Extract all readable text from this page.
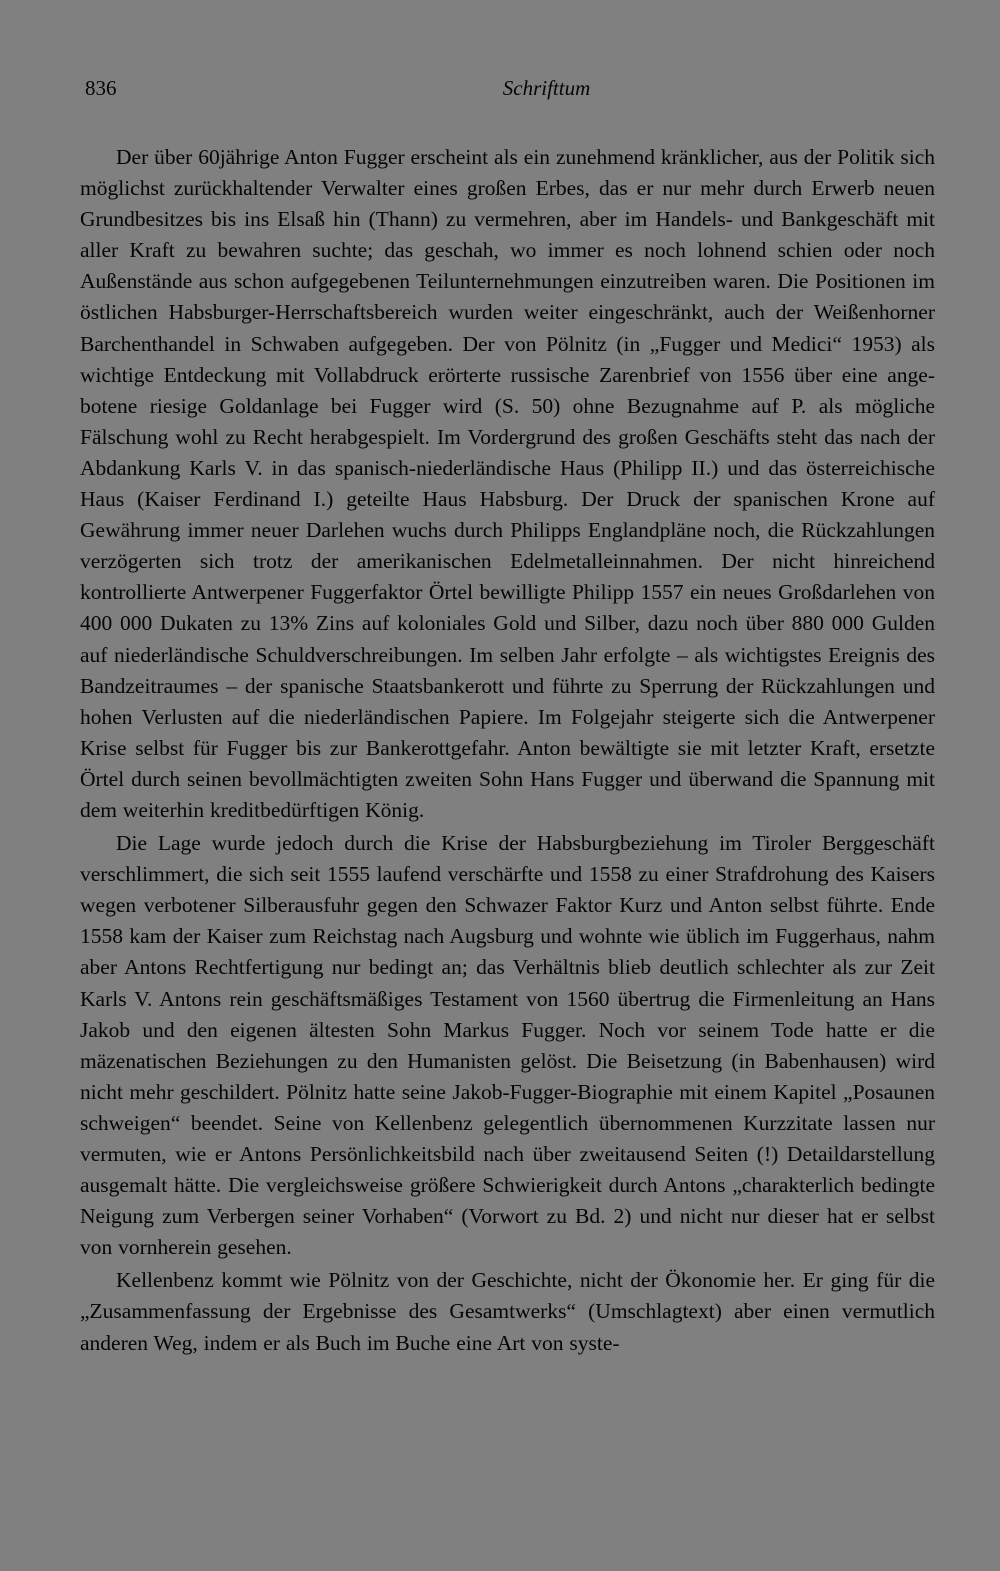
836	Schrifttum

Der über 60jährige Anton Fugger erscheint als ein zunehmend kränklicher, aus der Politik sich möglichst zurückhaltender Verwalter eines großen Erbes, das er nur mehr durch Erwerb neuen Grundbesitzes bis ins Elsaß hin (Thann) zu vermehren, aber im Handels- und Bankgeschäft mit aller Kraft zu bewahren suchte; das geschah, wo immer es noch lohnend schien oder noch Außenstände aus schon aufgegebenen Teilunternehmungen einzutreiben waren. Die Positionen im östlichen Habsburger-Herrschaftsbereich wurden weiter eingeschränkt, auch der Weißenhorner Barchenthandel in Schwaben aufgegeben. Der von Pölnitz (in „Fugger und Medici“ 1953) als wichtige Entdeckung mit Vollabdruck erörterte russische Zarenbrief von 1556 über eine angebotene riesige Goldanlage bei Fugger wird (S. 50) ohne Bezugnahme auf P. als mögliche Fälschung wohl zu Recht herabgespielt. Im Vordergrund des großen Geschäfts steht das nach der Abdankung Karls V. in das spanisch-niederländische Haus (Philipp II.) und das österreichische Haus (Kaiser Ferdinand I.) geteilte Haus Habsburg. Der Druck der spanischen Krone auf Gewährung immer neuer Darlehen wuchs durch Philipps Englandpläne noch, die Rückzahlungen verzögerten sich trotz der amerikanischen Edelmetalleinnahmen. Der nicht hinreichend kontrollierte Antwerpener Fuggerfaktor Örtel bewilligte Philipp 1557 ein neues Großdarlehen von 400 000 Dukaten zu 13% Zins auf koloniales Gold und Silber, dazu noch über 880 000 Gulden auf niederländische Schuldverschreibungen. Im selben Jahr erfolgte – als wichtigstes Ereignis des Bandzeitraumes – der spanische Staatsbankerott und führte zu Sperrung der Rückzahlungen und hohen Verlusten auf die niederländischen Papiere. Im Folgejahr steigerte sich die Antwerpener Krise selbst für Fugger bis zur Bankerottgefahr. Anton bewältigte sie mit letzter Kraft, ersetzte Örtel durch seinen bevollmächtigten zweiten Sohn Hans Fugger und überwand die Spannung mit dem weiterhin kreditbedürftigen König.

Die Lage wurde jedoch durch die Krise der Habsburgbeziehung im Tiroler Berggeschäft verschlimmert, die sich seit 1555 laufend verschärfte und 1558 zu einer Strafdrohung des Kaisers wegen verbotener Silberausfuhr gegen den Schwazer Faktor Kurz und Anton selbst führte. Ende 1558 kam der Kaiser zum Reichstag nach Augsburg und wohnte wie üblich im Fuggerhaus, nahm aber Antons Rechtfertigung nur bedingt an; das Verhältnis blieb deutlich schlechter als zur Zeit Karls V. Antons rein geschäftsmäßiges Testament von 1560 übertrug die Firmenleitung an Hans Jakob und den eigenen ältesten Sohn Markus Fugger. Noch vor seinem Tode hatte er die mäzenatischen Beziehungen zu den Humanisten gelöst. Die Beisetzung (in Babenhausen) wird nicht mehr geschildert. Pölnitz hatte seine Jakob-Fugger-Biographie mit einem Kapitel „Posaunen schweigen“ beendet. Seine von Kellenbenz gelegentlich übernommenen Kurzzitate lassen nur vermuten, wie er Antons Persönlichkeitsbild nach über zweitausend Seiten (!) Detaildarstellung ausgemalt hätte. Die vergleichsweise größere Schwierigkeit durch Antons „charakterlich bedingte Neigung zum Verbergen seiner Vorhaben“ (Vorwort zu Bd. 2) und nicht nur dieser hat er selbst von vornherein gesehen.

Kellenbenz kommt wie Pölnitz von der Geschichte, nicht der Ökonomie her. Er ging für die „Zusammenfassung der Ergebnisse des Gesamtwerks“ (Umschlagtext) aber einen vermutlich anderen Weg, indem er als Buch im Buche eine Art von syste-
